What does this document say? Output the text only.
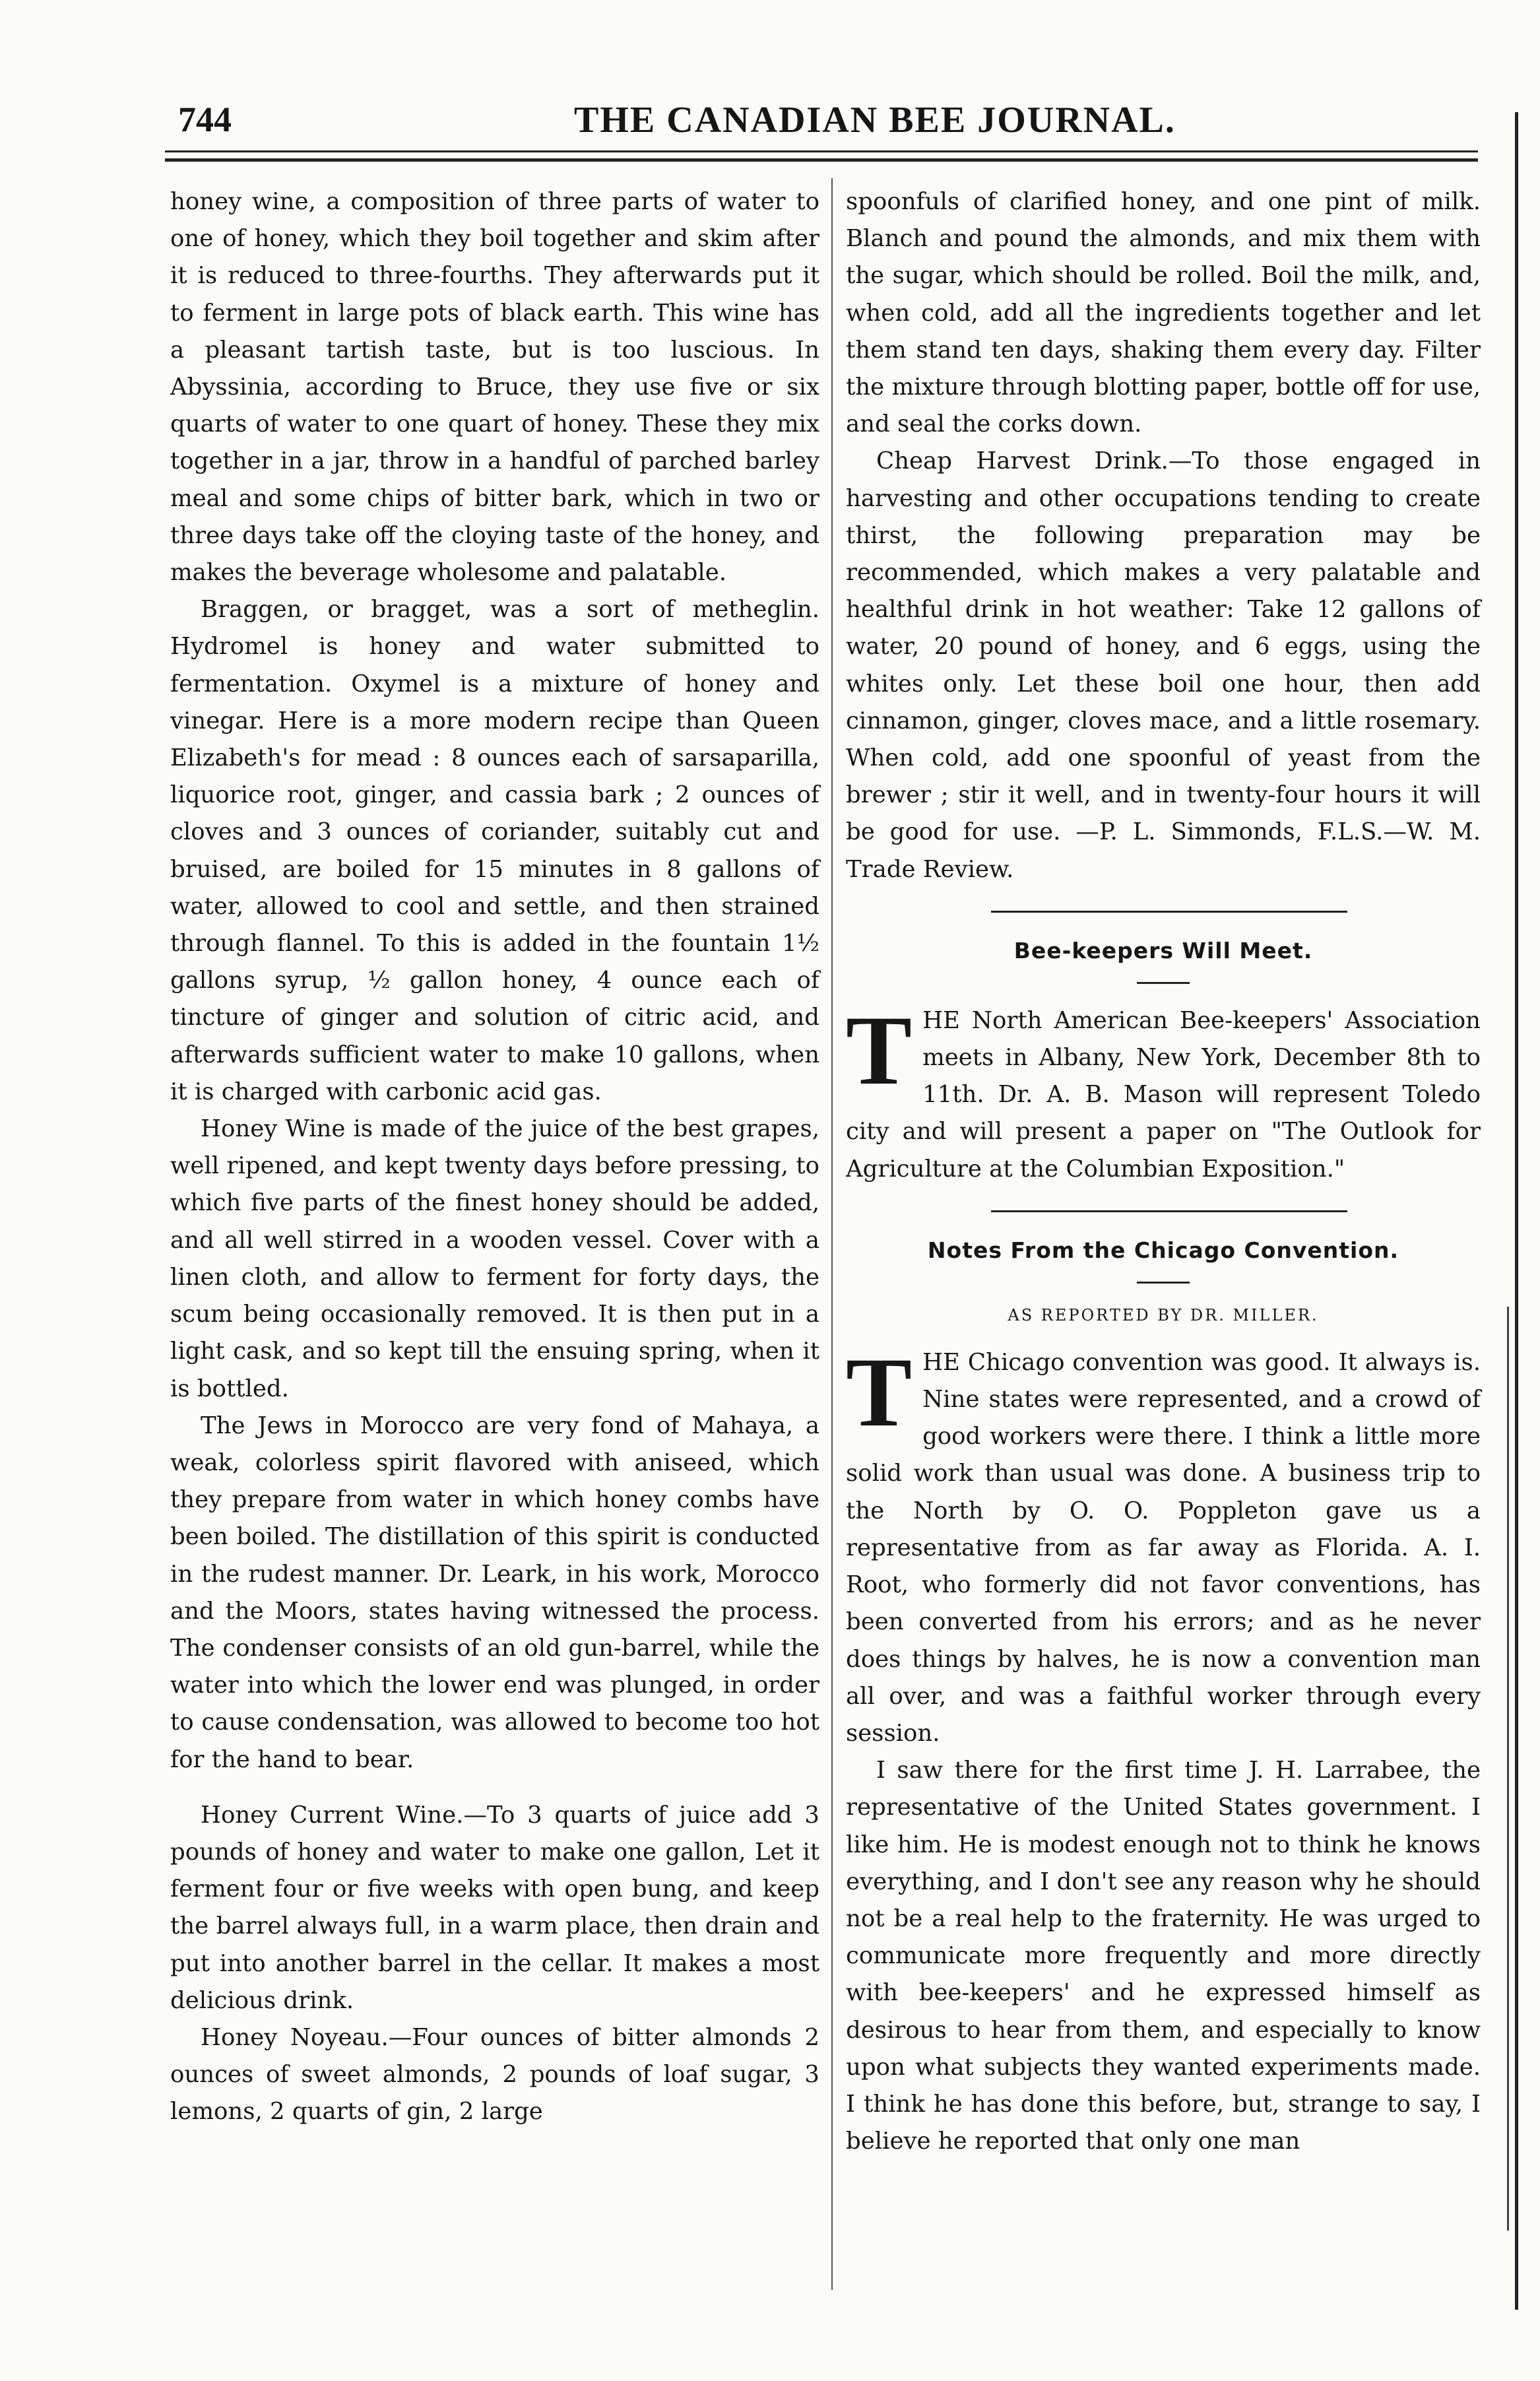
744	THE CANADIAN BEE JOURNAL.

honey wine, a composition of three parts of water to one of honey, which they boil together and skim after it is reduced to three-fourths. They afterwards put it to ferment in large pots of black earth. This wine has a pleasant tartish taste, but is too luscious. In Abyssinia, according to Bruce, they use five or six quarts of water to one quart of honey. These they mix together in a jar, throw in a handful of parched barley meal and some chips of bitter bark, which in two or three days take off the cloying taste of the honey, and makes the beverage wholesome and palatable.

Braggen, or bragget, was a sort of metheglin. Hydromel is honey and water submitted to fermentation. Oxymel is a mixture of honey and vinegar. Here is a more modern recipe than Queen Elizabeth's for mead : 8 ounces each of sarsaparilla, liquorice root, ginger, and cassia bark ; 2 ounces of cloves and 3 ounces of coriander, suitably cut and bruised, are boiled for 15 minutes in 8 gallons of water, allowed to cool and settle, and then strained through flannel. To this is added in the fountain 1½ gallons syrup, ½ gallon honey, 4 ounce each of tincture of ginger and solution of citric acid, and afterwards sufficient water to make 10 gallons, when it is charged with carbonic acid gas.

Honey Wine is made of the juice of the best grapes, well ripened, and kept twenty days before pressing, to which five parts of the finest honey should be added, and all well stirred in a wooden vessel. Cover with a linen cloth, and allow to ferment for forty days, the scum being occasionally removed. It is then put in a light cask, and so kept till the ensuing spring, when it is bottled.

The Jews in Morocco are very fond of Mahaya, a weak, colorless spirit flavored with aniseed, which they prepare from water in which honey combs have been boiled. The distillation of this spirit is conducted in the rudest manner. Dr. Leark, in his work, Morocco and the Moors, states having witnessed the process. The condenser consists of an old gun-barrel, while the water into which the lower end was plunged, in order to cause condensation, was allowed to become too hot for the hand to bear.

Honey Current Wine.—To 3 quarts of juice add 3 pounds of honey and water to make one gallon, Let it ferment four or five weeks with open bung, and keep the barrel always full, in a warm place, then drain and put into another barrel in the cellar. It makes a most delicious drink.

Honey Noyeau.—Four ounces of bitter almonds 2 ounces of sweet almonds, 2 pounds of loaf sugar, 3 lemons, 2 quarts of gin, 2 large

spoonfuls of clarified honey, and one pint of milk. Blanch and pound the almonds, and mix them with the sugar, which should be rolled. Boil the milk, and, when cold, add all the ingredients together and let them stand ten days, shaking them every day. Filter the mixture through blotting paper, bottle off for use, and seal the corks down.

Cheap Harvest Drink.—To those engaged in harvesting and other occupations tending to create thirst, the following preparation may be recommended, which makes a very palatable and healthful drink in hot weather: Take 12 gallons of water, 20 pound of honey, and 6 eggs, using the whites only. Let these boil one hour, then add cinnamon, ginger, cloves mace, and a little rosemary. When cold, add one spoonful of yeast from the brewer ; stir it well, and in twenty-four hours it will be good for use. —P. L. Simmonds, F.L.S.—W. M. Trade Review.

Bee-keepers Will Meet.

THE North American Bee-keepers' Association meets in Albany, New York, December 8th to 11th. Dr. A. B. Mason will represent Toledo city and will present a paper on "The Outlook for Agriculture at the Columbian Exposition."

Notes From the Chicago Convention.
AS REPORTED BY DR. MILLER.

THE Chicago convention was good. It always is. Nine states were represented, and a crowd of good workers were there. I think a little more solid work than usual was done. A business trip to the North by O. O. Poppleton gave us a representative from as far away as Florida. A. I. Root, who formerly did not favor conventions, has been converted from his errors; and as he never does things by halves, he is now a convention man all over, and was a faithful worker through every session.

I saw there for the first time J. H. Larrabee, the representative of the United States government. I like him. He is modest enough not to think he knows everything, and I don't see any reason why he should not be a real help to the fraternity. He was urged to communicate more frequently and more directly with bee-keepers' and he expressed himself as desirous to hear from them, and especially to know upon what subjects they wanted experiments made. I think he has done this before, but, strange to say, I believe he reported that only one man
